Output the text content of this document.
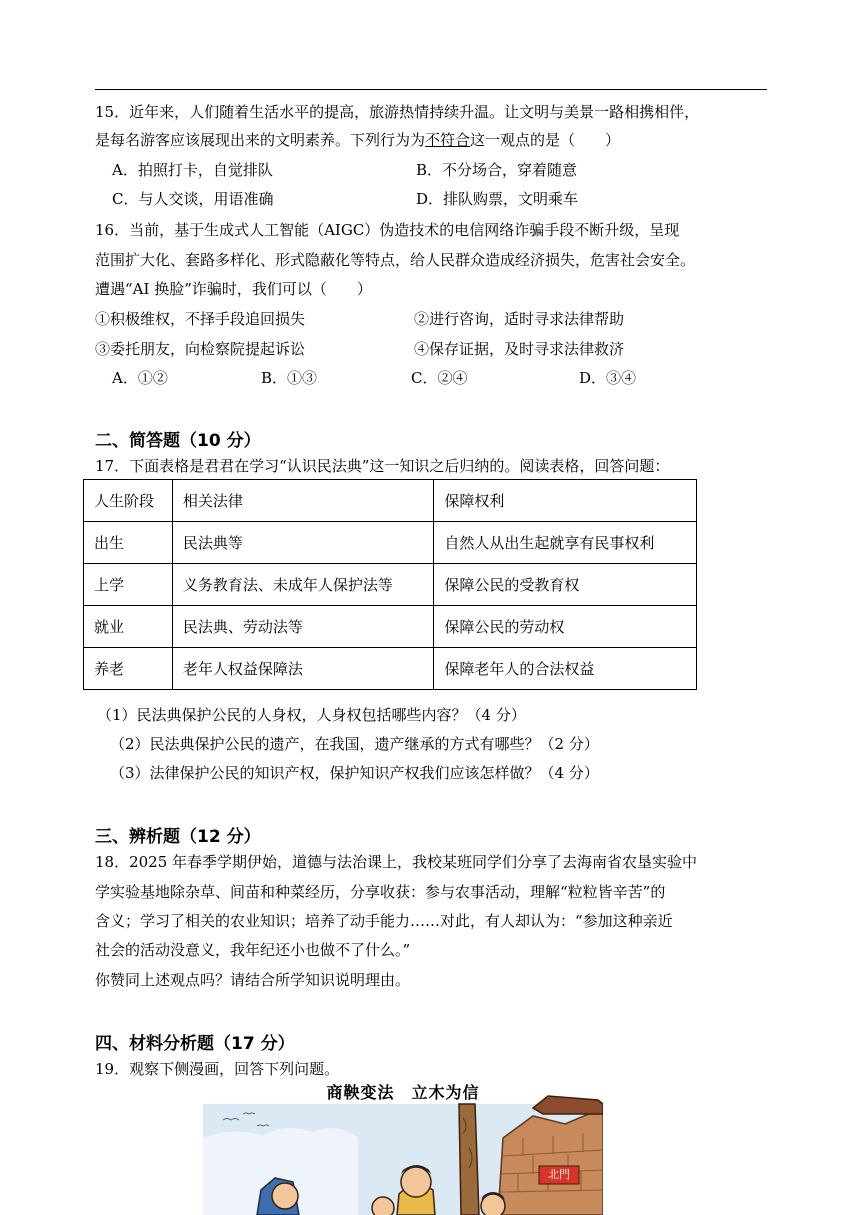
15．近年来，人们随着生活水平的提高，旅游热情持续升温。让文明与美景一路相携相伴，
是每名游客应该展现出来的文明素养。下列行为为不符合这一观点的是（　　）
A．拍照打卡，自觉排队	B．不分场合，穿着随意
C．与人交谈，用语准确	D．排队购票，文明乘车
16．当前，基于生成式人工智能（AIGC）伪造技术的电信网络诈骗手段不断升级，呈现
范围扩大化、套路多样化、形式隐蔽化等特点，给人民群众造成经济损失，危害社会安全。
遭遇“AI 换脸”诈骗时，我们可以（　　）
①积极维权，不择手段追回损失	②进行咨询，适时寻求法律帮助
③委托朋友，向检察院提起诉讼	④保存证据，及时寻求法律救济
A．①②	B．①③	C．②④	D．③④
二、简答题（10 分）
17．下面表格是君君在学习“认识民法典”这一知识之后归纳的。阅读表格，回答问题：
人生阶段	相关法律	保障权利
出生	民法典等	自然人从出生起就享有民事权利
上学	义务教育法、未成年人保护法等	保障公民的受教育权
就业	民法典、劳动法等	保障公民的劳动权
养老	老年人权益保障法	保障老年人的合法权益
（1）民法典保护公民的人身权，人身权包括哪些内容？（4 分）
（2）民法典保护公民的遗产，在我国，遗产继承的方式有哪些？（2 分）
（3）法律保护公民的知识产权，保护知识产权我们应该怎样做？（4 分）
三、辨析题（12 分）
18．2025 年春季学期伊始，道德与法治课上，我校某班同学们分享了去海南省农垦实验中
学实验基地除杂草、间苗和种菜经历，分享收获：参与农事活动，理解“粒粒皆辛苦”的
含义；学习了相关的农业知识；培养了动手能力……对此，有人却认为：“参加这种亲近
社会的活动没意义，我年纪还小也做不了什么。”
你赞同上述观点吗？请结合所学知识说明理由。
四、材料分析题（17 分）
19．观察下侧漫画，回答下列问题。
商鞅变法　立木为信
北門
